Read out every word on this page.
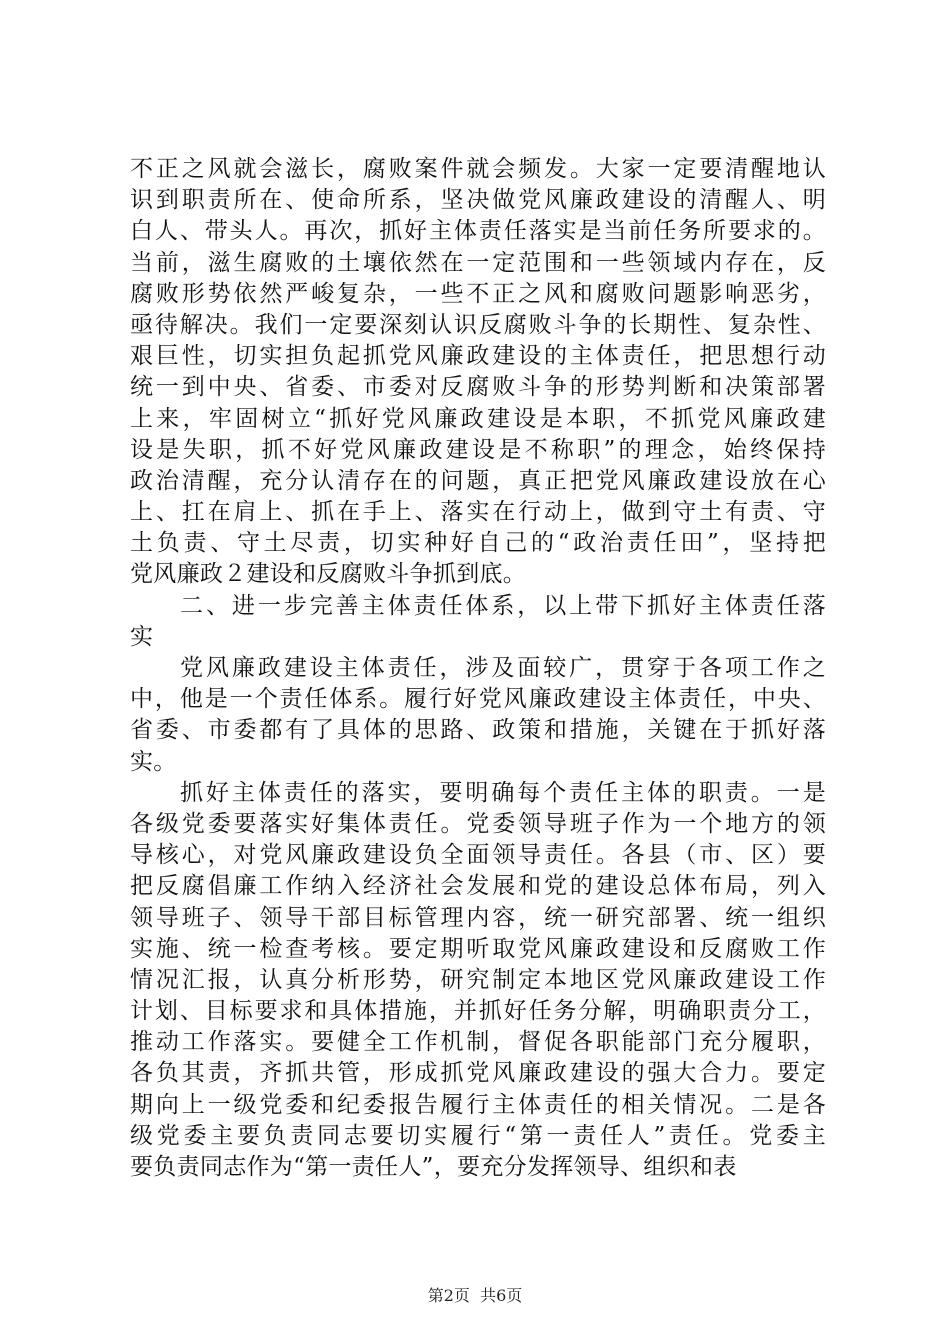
不正之风就会滋长，腐败案件就会频发。大家一定要清醒地认
识到职责所在、使命所系，坚决做党风廉政建设的清醒人、明
白人、带头人。再次，抓好主体责任落实是当前任务所要求的。
当前，滋生腐败的土壤依然在一定范围和一些领域内存在，反
腐败形势依然严峻复杂，一些不正之风和腐败问题影响恶劣，
亟待解决。我们一定要深刻认识反腐败斗争的长期性、复杂性、
艰巨性，切实担负起抓党风廉政建设的主体责任，把思想行动
统一到中央、省委、市委对反腐败斗争的形势判断和决策部署
上来，牢固树立“抓好党风廉政建设是本职，不抓党风廉政建
设是失职，抓不好党风廉政建设是不称职”的理念，始终保持
政治清醒，充分认清存在的问题，真正把党风廉政建设放在心
上、扛在肩上、抓在手上、落实在行动上，做到守土有责、守
土负责、守土尽责，切实种好自己的“政治责任田”，坚持把
党风廉政２建设和反腐败斗争抓到底。
二、进一步完善主体责任体系，以上带下抓好主体责任落
实
党风廉政建设主体责任，涉及面较广，贯穿于各项工作之
中，他是一个责任体系。履行好党风廉政建设主体责任，中央、
省委、市委都有了具体的思路、政策和措施，关键在于抓好落
实。
抓好主体责任的落实，要明确每个责任主体的职责。一是
各级党委要落实好集体责任。党委领导班子作为一个地方的领
导核心，对党风廉政建设负全面领导责任。各县（市、区）要
把反腐倡廉工作纳入经济社会发展和党的建设总体布局，列入
领导班子、领导干部目标管理内容，统一研究部署、统一组织
实施、统一检查考核。要定期听取党风廉政建设和反腐败工作
情况汇报，认真分析形势，研究制定本地区党风廉政建设工作
计划、目标要求和具体措施，并抓好任务分解，明确职责分工，
推动工作落实。要健全工作机制，督促各职能部门充分履职，
各负其责，齐抓共管，形成抓党风廉政建设的强大合力。要定
期向上一级党委和纪委报告履行主体责任的相关情况。二是各
级党委主要负责同志要切实履行“第一责任人”责任。党委主
要负责同志作为“第一责任人”，要充分发挥领导、组织和表
第2页  共6页
